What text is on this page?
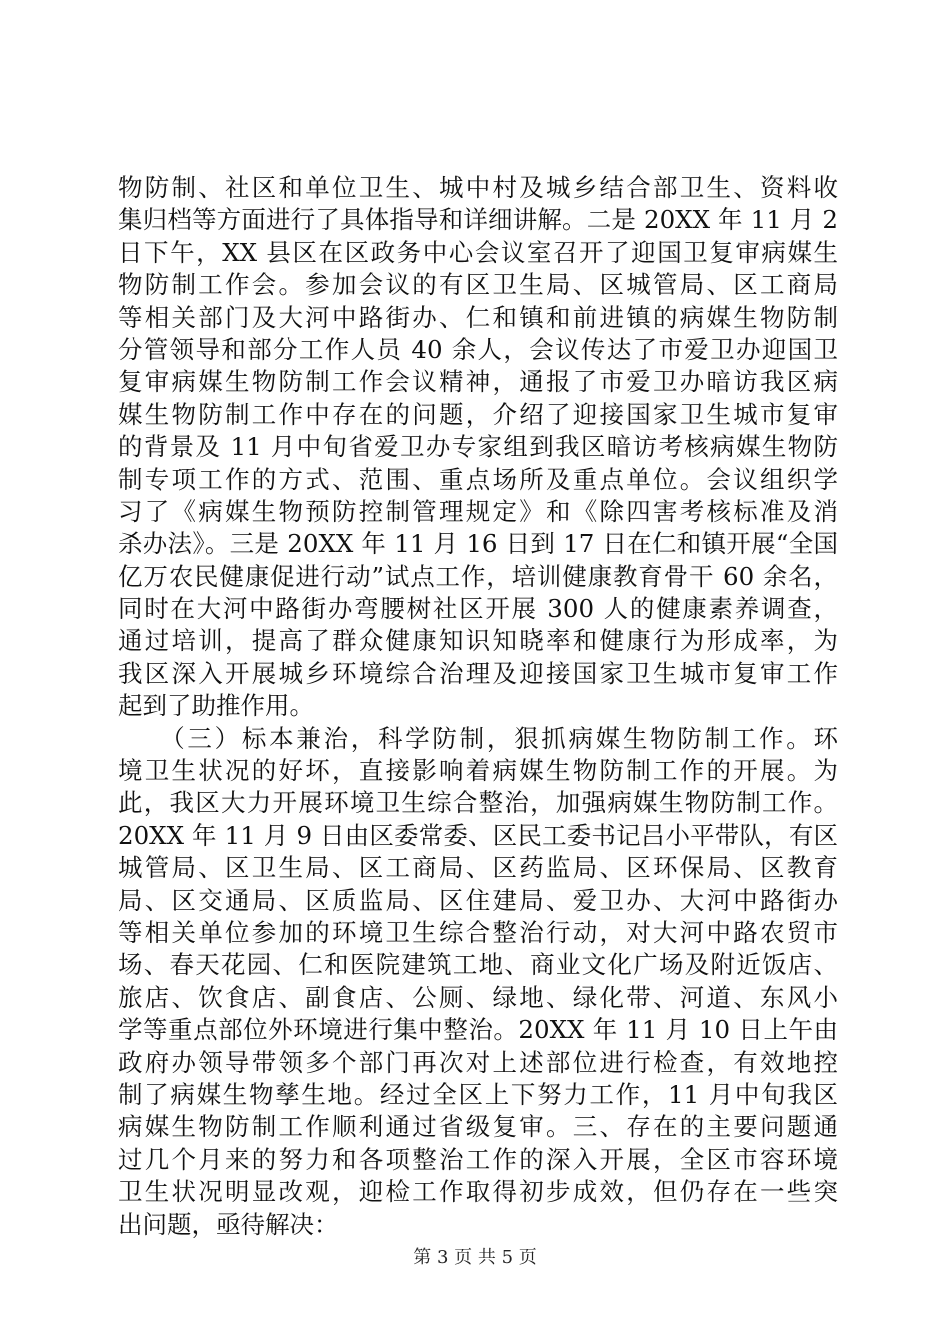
物防制、社区和单位卫生、城中村及城乡结合部卫生、资料收
集归档等方面进行了具体指导和详细讲解。二是 20XX 年 11 月 2
日下午，XX 县区在区政务中心会议室召开了迎国卫复审病媒生
物防制工作会。参加会议的有区卫生局、区城管局、区工商局
等相关部门及大河中路街办、仁和镇和前进镇的病媒生物防制
分管领导和部分工作人员 40 余人，会议传达了市爱卫办迎国卫
复审病媒生物防制工作会议精神，通报了市爱卫办暗访我区病
媒生物防制工作中存在的问题，介绍了迎接国家卫生城市复审
的背景及 11 月中旬省爱卫办专家组到我区暗访考核病媒生物防
制专项工作的方式、范围、重点场所及重点单位。会议组织学
习了《病媒生物预防控制管理规定》和《除四害考核标准及消
杀办法》。三是 20XX 年 11 月 16 日到 17 日在仁和镇开展“全国
亿万农民健康促进行动”试点工作，培训健康教育骨干 60 余名，
同时在大河中路街办弯腰树社区开展 300 人的健康素养调查，
通过培训，提高了群众健康知识知晓率和健康行为形成率，为
我区深入开展城乡环境综合治理及迎接国家卫生城市复审工作
起到了助推作用。
　　（三）标本兼治，科学防制，狠抓病媒生物防制工作。环
境卫生状况的好坏，直接影响着病媒生物防制工作的开展。为
此，我区大力开展环境卫生综合整治，加强病媒生物防制工作。
20XX 年 11 月 9 日由区委常委、区民工委书记吕小平带队，有区
城管局、区卫生局、区工商局、区药监局、区环保局、区教育
局、区交通局、区质监局、区住建局、爱卫办、大河中路街办
等相关单位参加的环境卫生综合整治行动，对大河中路农贸市
场、春天花园、仁和医院建筑工地、商业文化广场及附近饭店、
旅店、饮食店、副食店、公厕、绿地、绿化带、河道、东风小
学等重点部位外环境进行集中整治。20XX 年 11 月 10 日上午由
政府办领导带领多个部门再次对上述部位进行检查，有效地控
制了病媒生物孳生地。经过全区上下努力工作，11 月中旬我区
病媒生物防制工作顺利通过省级复审。三、存在的主要问题通
过几个月来的努力和各项整治工作的深入开展，全区市容环境
卫生状况明显改观，迎检工作取得初步成效，但仍存在一些突
出问题，亟待解决：
第 3 页 共 5 页
